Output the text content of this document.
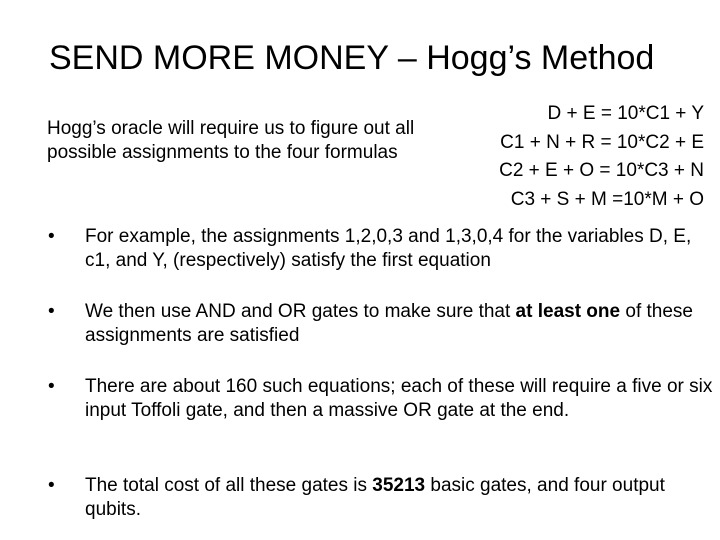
SEND MORE MONEY – Hogg’s Method
Hogg’s oracle will require us to figure out all possible assignments to the four formulas
D + E = 10*C1 + Y
C1 + N + R = 10*C2 + E
C2 + E + O = 10*C3 + N
C3 + S + M =10*M + O
•	For example, the assignments 1,2,0,3 and 1,3,0,4 for the variables D, E, c1, and Y, (respectively) satisfy the first equation
•	We then use AND and OR gates to make sure that at least one of these assignments are satisfied
•	There are about 160 such equations; each of these will require a five or six input Toffoli gate, and then a massive OR gate at the end.
•	The total cost of all these gates is 35213 basic gates, and four output qubits.
